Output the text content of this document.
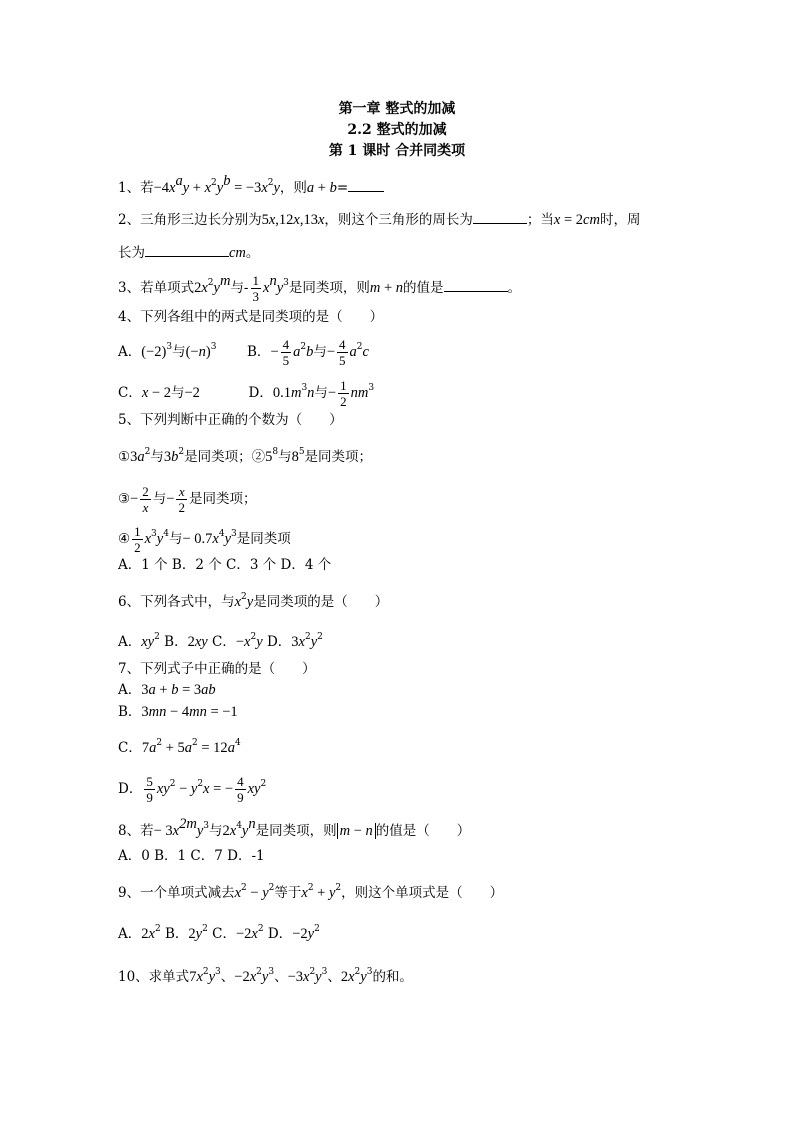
第一章 整式的加减
2.2 整式的加减
第 1 课时 合并同类项
1、若$-4x^ay + x^2y^b = -3x^2y$，则a + b=
2、三角形三边长分别为5x,12x,13x，则这个三角形的周长为	；当x = 2cm时，周
长为	cm。
3、若单项式$2x^2y^m$与- $\frac{1}{3} x^ny^3$是同类项，则m + n的值是	。
4、下列各组中的两式是同类项的是（　　）
A．$(-2)^3$与$(-n)^3$ B．− $\frac{4}{5} a^2b$与− $\frac{4}{5} a^2c$
C．x − 2与−2	D．$0.1m^3n$与− $\frac{1}{2} nm^3$
5、下列判断中正确的个数为（　　）
$①3a^2$与$3b^2$是同类项；$②5^8$与$8^5$是同类项；
③− $\frac{2}{x}$ 与− $\frac{x}{2}$ 是同类项；
④ $\frac{1}{2} x^3y^4$与− $0.7x^4y^3$是同类项
A．1 个 B．2 个 C．3 个 D．4 个
6、下列各式中，与$x^2y$是同类项的是（　　）
A．$xy^2$ B．2xy C．$-x^2y$ D．$3x^2y^2$
7、下列式子中正确的是（　　）
A．3a + b = 3ab
B．3mn − 4mn = −1
C．$7a^2 + 5a^2 = 12a^4$
D． $\frac{5}{9} xy^2 - y^2x$ = − $\frac{4}{9} xy^2$
8、若− $3x^{2m}y^3$与$2x^4y^n$是同类项，则 m − n 的值是（　　）
A．0 B．1 C．7 D．-1
9、一个单项式减去$x^2 - y^2$等于$x^2 + y^2$，则这个单项式是（　　）
A．$2x^2$ B．$2y^2$ C．$-2x^2$ D．$-2y^2$
10、求单式$7x^2y^3$、$-2x^2y^3$、$-3x^2y^3$、$2x^2y^3$的和。
